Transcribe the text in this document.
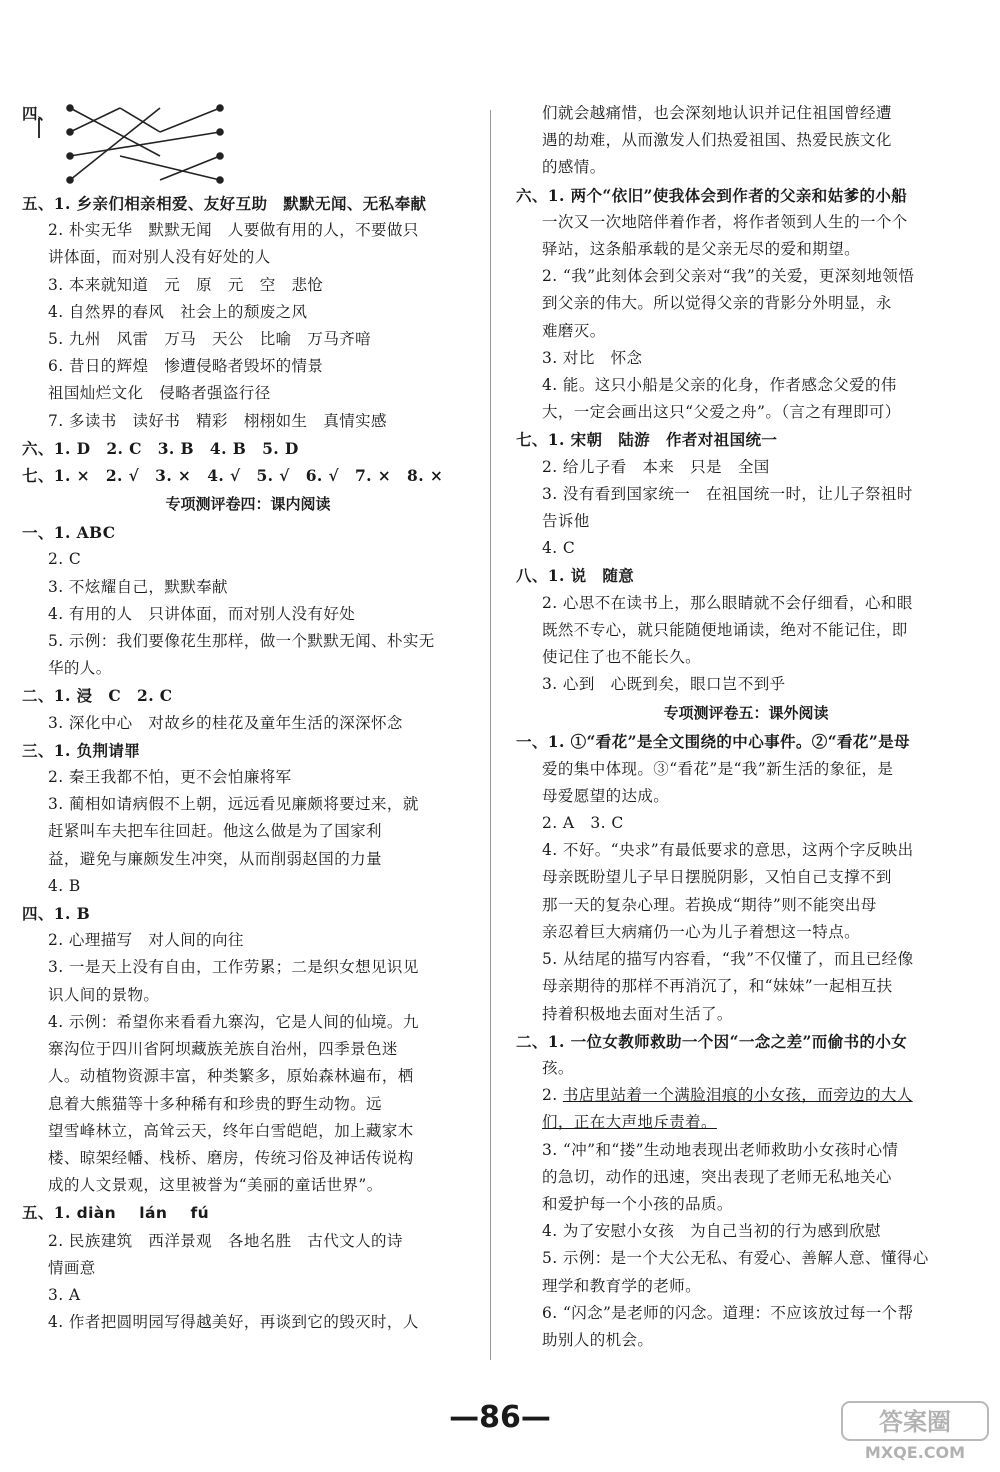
四、
五、1. 乡亲们相亲相爱、友好互助　默默无闻、无私奉献
2. 朴实无华　默默无闻　人要做有用的人，不要做只
讲体面，而对别人没有好处的人
3. 本来就知道　元　原　元　空　悲怆
4. 自然界的春风　社会上的颓废之风
5. 九州　风雷　万马　天公　比喻　万马齐喑
6. 昔日的辉煌　惨遭侵略者毁坏的情景
祖国灿烂文化　侵略者强盗行径
7. 多读书　读好书　精彩　栩栩如生　真情实感
六、1. D　2. C　3. B　4. B　5. D
七、1. ×　2. √　3. ×　4. √　5. √　6. √　7. ×　8. ×
专项测评卷四：课内阅读
一、1. ABC
2. C
3. 不炫耀自己，默默奉献
4. 有用的人　只讲体面，而对别人没有好处
5. 示例：我们要像花生那样，做一个默默无闻、朴实无
华的人。
二、1. 浸　C　2. C
3. 深化中心　对故乡的桂花及童年生活的深深怀念
三、1. 负荆请罪
2. 秦王我都不怕，更不会怕廉将军
3. 蔺相如请病假不上朝，远远看见廉颇将要过来，就
赶紧叫车夫把车往回赶。他这么做是为了国家利
益，避免与廉颇发生冲突，从而削弱赵国的力量
4. B
四、1. B
2. 心理描写　对人间的向往
3. 一是天上没有自由，工作劳累；二是织女想见识见
识人间的景物。
4. 示例：希望你来看看九寨沟，它是人间的仙境。九
寨沟位于四川省阿坝藏族羌族自治州，四季景色迷
人。动植物资源丰富，种类繁多，原始森林遍布，栖
息着大熊猫等十多种稀有和珍贵的野生动物。远
望雪峰林立，高耸云天，终年白雪皑皑，加上藏家木
楼、晾架经幡、栈桥、磨房，传统习俗及神话传说构
成的人文景观，这里被誉为“美丽的童话世界”。
五、1. diàn lán fú
2. 民族建筑　西洋景观　各地名胜　古代文人的诗
情画意
3. A
4. 作者把圆明园写得越美好，再谈到它的毁灭时，人
们就会越痛惜，也会深刻地认识并记住祖国曾经遭
遇的劫难，从而激发人们热爱祖国、热爱民族文化
的感情。
六、1. 两个“依旧”使我体会到作者的父亲和姑爹的小船
一次又一次地陪伴着作者，将作者领到人生的一个个
驿站，这条船承载的是父亲无尽的爱和期望。
2. “我”此刻体会到父亲对“我”的关爱，更深刻地领悟
到父亲的伟大。所以觉得父亲的背影分外明显，永
难磨灭。
3. 对比　怀念
4. 能。这只小船是父亲的化身，作者感念父爱的伟
大，一定会画出这只“父爱之舟”。（言之有理即可）
七、1. 宋朝　陆游　作者对祖国统一
2. 给儿子看　本来　只是　全国
3. 没有看到国家统一　在祖国统一时，让儿子祭祖时
告诉他
4. C
八、1. 说　随意
2. 心思不在读书上，那么眼睛就不会仔细看，心和眼
既然不专心，就只能随便地诵读，绝对不能记住，即
使记住了也不能长久。
3. 心到　心既到矣，眼口岂不到乎
专项测评卷五：课外阅读
一、1. ①“看花”是全文围绕的中心事件。②“看花”是母
爱的集中体现。③“看花”是“我”新生活的象征，是
母爱愿望的达成。
2. A　3. C
4. 不好。“央求”有最低要求的意思，这两个字反映出
母亲既盼望儿子早日摆脱阴影，又怕自己支撑不到
那一天的复杂心理。若换成“期待”则不能突出母
亲忍着巨大病痛仍一心为儿子着想这一特点。
5. 从结尾的描写内容看，“我”不仅懂了，而且已经像
母亲期待的那样不再消沉了，和“妹妹”一起相互扶
持着积极地去面对生活了。
二、1. 一位女教师救助一个因“一念之差”而偷书的小女
孩。
2. 书店里站着一个满脸泪痕的小女孩，而旁边的大人
们，正在大声地斥责着。
3. “冲”和“搂”生动地表现出老师救助小女孩时心情
的急切，动作的迅速，突出表现了老师无私地关心
和爱护每一个小孩的品质。
4. 为了安慰小女孩　为自己当初的行为感到欣慰
5. 示例：是一个大公无私、有爱心、善解人意、懂得心
理学和教育学的老师。
6. “闪念”是老师的闪念。道理：不应该放过每一个帮
助别人的机会。
—86—	答案圈
MXQE.COM
